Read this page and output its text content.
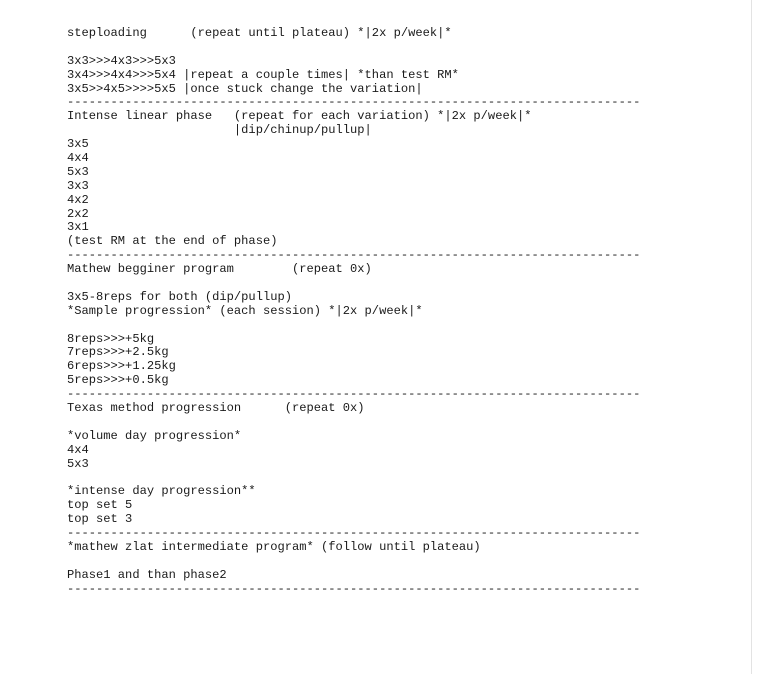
steploading      (repeat until plateau) *|2x p/week|*
3x3>>>4x3>>>5x3
3x4>>>4x4>>>5x4 |repeat a couple times| *than test RM*
3x5>>4x5>>>>5x5 |once stuck change the variation|
-------------------------------------------------------------------------------
Intense linear phase   (repeat for each variation) *|2x p/week|*
|dip/chinup/pullup|
3x5
4x4
5x3
3x3
4x2
2x2
3x1
(test RM at the end of phase)
-------------------------------------------------------------------------------
Mathew begginer program        (repeat 0x)
3x5-8reps for both (dip/pullup)
*Sample progression* (each session) *|2x p/week|*
8reps>>>+5kg
7reps>>>+2.5kg
6reps>>>+1.25kg
5reps>>>+0.5kg
-------------------------------------------------------------------------------
Texas method progression      (repeat 0x)
*volume day progression*
4x4
5x3
*intense day progression**
top set 5
top set 3
-------------------------------------------------------------------------------
*mathew zlat intermediate program* (follow until plateau)
Phase1 and than phase2
-------------------------------------------------------------------------------
